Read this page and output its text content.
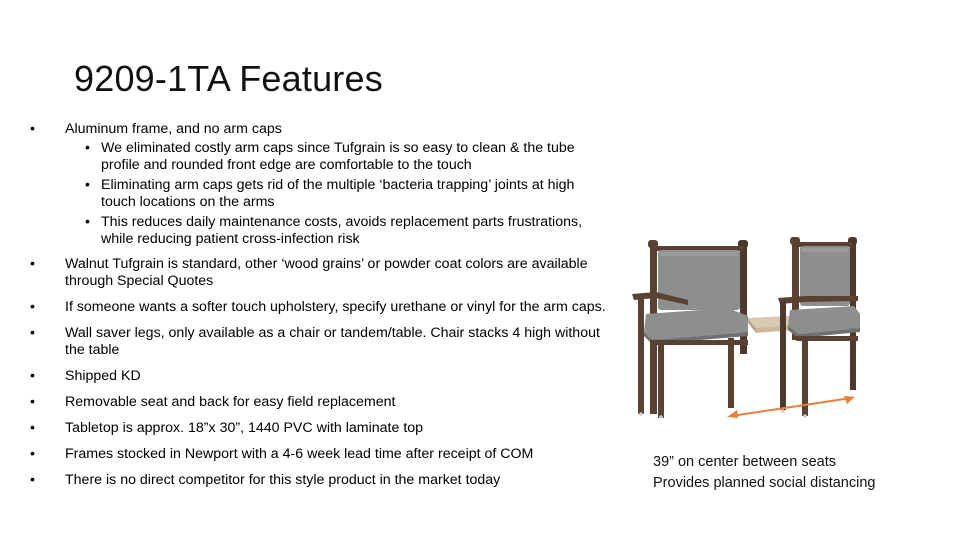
9209-1TA Features
• Aluminum frame, and no arm caps
• We eliminated costly arm caps since Tufgrain is so easy to clean & the tube profile and rounded front edge are comfortable to the touch
• Eliminating arm caps gets rid of the multiple ‘bacteria trapping’ joints at high touch locations on the arms
• This reduces daily maintenance costs, avoids replacement parts frustrations, while reducing patient cross-infection risk
• Walnut Tufgrain is standard, other ‘wood grains’ or powder coat colors are available through Special Quotes
• If someone wants a softer touch upholstery, specify urethane or vinyl for the arm caps.
• Wall saver legs, only available as a chair or tandem/table. Chair stacks 4 high without the table
• Shipped KD
• Removable seat and back for easy field replacement
• Tabletop is approx. 18”x 30”, 1440 PVC with laminate top
• Frames stocked in Newport with a 4-6 week lead time after receipt of COM
• There is no direct competitor for this style product in the market today
39” on center between seats
Provides planned social distancing
